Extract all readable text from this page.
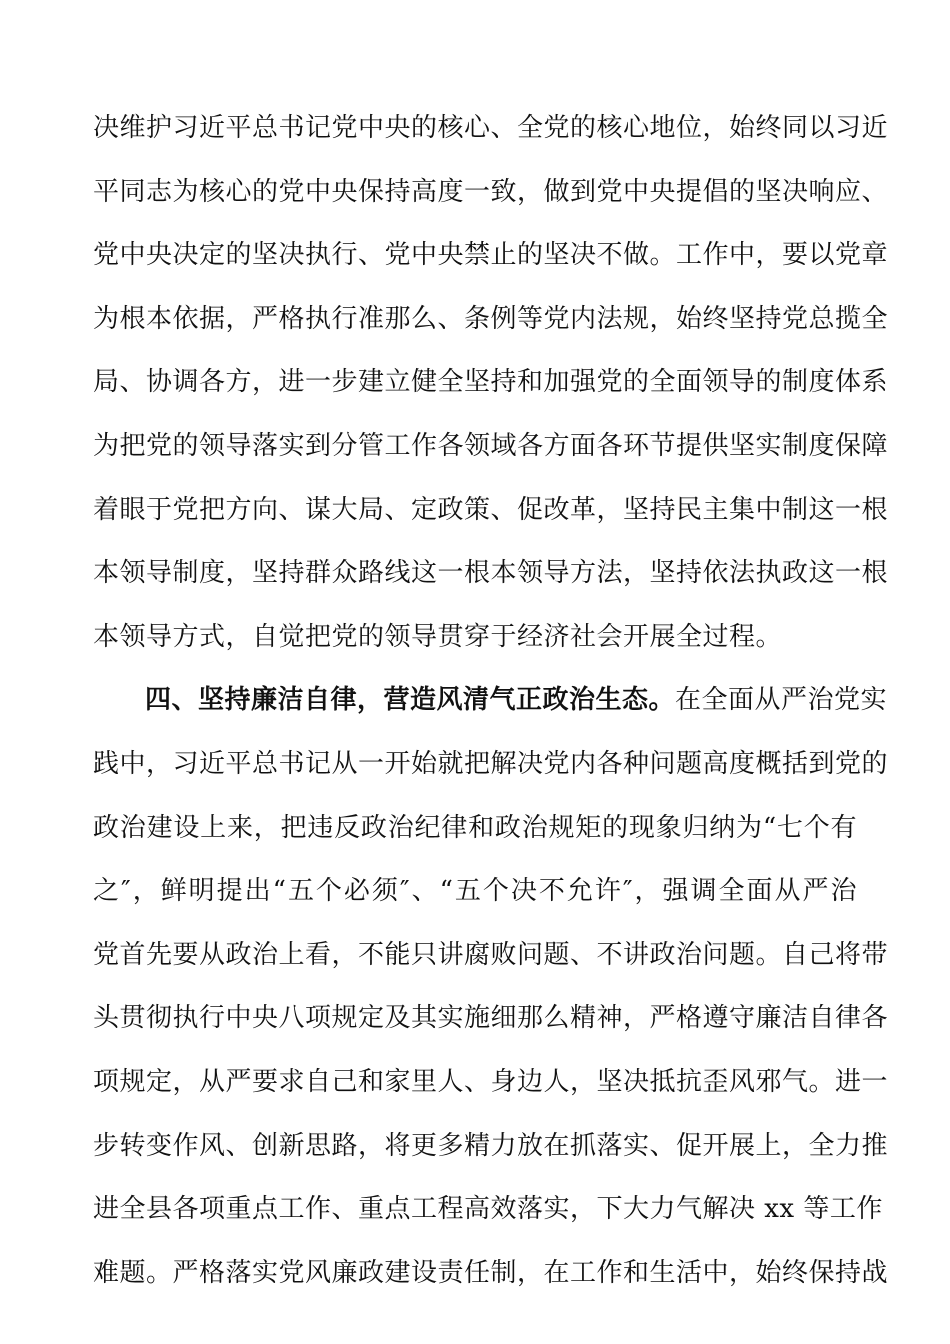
决维护习近平总书记党中央的核心、全党的核心地位，始终同以习近
平同志为核心的党中央保持高度一致，做到党中央提倡的坚决响应、
党中央决定的坚决执行、党中央禁止的坚决不做。工作中，要以党章
为根本依据，严格执行准那么、条例等党内法规，始终坚持党总揽全
局、协调各方，进一步建立健全坚持和加强党的全面领导的制度体系
为把党的领导落实到分管工作各领域各方面各环节提供坚实制度保障
着眼于党把方向、谋大局、定政策、促改革，坚持民主集中制这一根
本领导制度，坚持群众路线这一根本领导方法，坚持依法执政这一根
本领导方式，自觉把党的领导贯穿于经济社会开展全过程。
四、坚持廉洁自律，营造风清气正政治生态。在全面从严治党实
践中，习近平总书记从一开始就把解决党内各种问题高度概括到党的
政治建设上来，把违反政治纪律和政治规矩的现象归纳为“七个有
之″，鲜明提出“五个必须″、“五个决不允许″，强调全面从严治
党首先要从政治上看，不能只讲腐败问题、不讲政治问题。自己将带
头贯彻执行中央八项规定及其实施细那么精神，严格遵守廉洁自律各
项规定，从严要求自己和家里人、身边人，坚决抵抗歪风邪气。进一
步转变作风、创新思路，将更多精力放在抓落实、促开展上，全力推
进全县各项重点工作、重点工程高效落实，下大力气解决 xx 等工作
难题。严格落实党风廉政建设责任制，在工作和生活中，始终保持战
